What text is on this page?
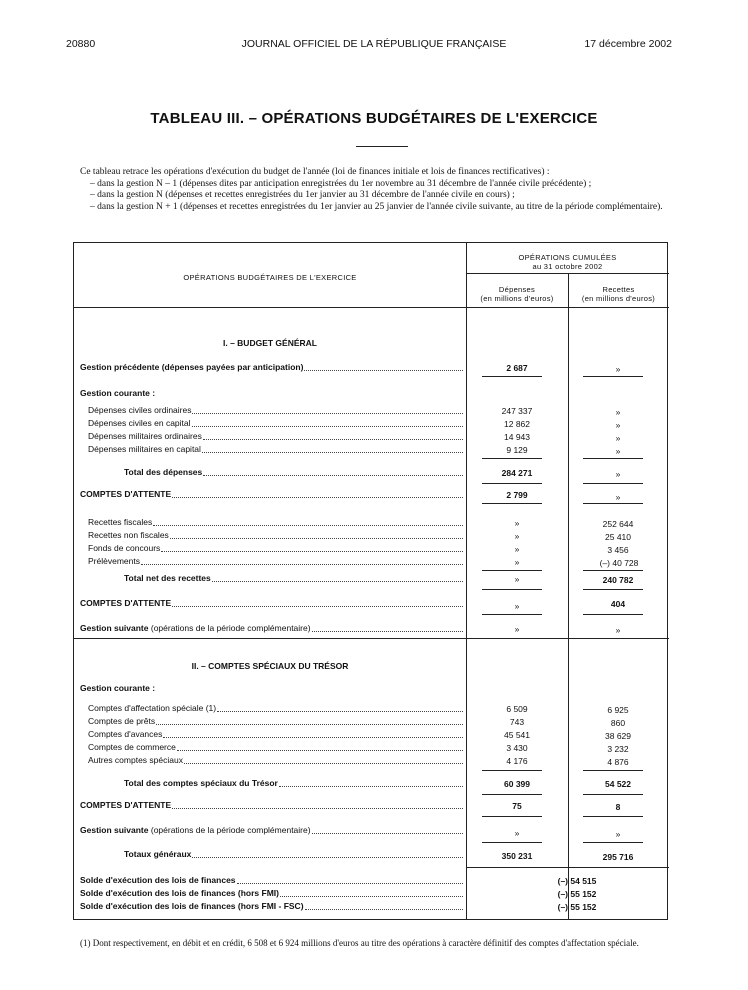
20880	JOURNAL OFFICIEL DE LA RÉPUBLIQUE FRANÇAISE	17 décembre 2002
TABLEAU III. – OPÉRATIONS BUDGÉTAIRES DE L'EXERCICE
Ce tableau retrace les opérations d'exécution du budget de l'année (loi de finances initiale et lois de finances rectificatives) :
– dans la gestion N – 1 (dépenses dites par anticipation enregistrées du 1er novembre au 31 décembre de l'année civile précédente) ;
– dans la gestion N (dépenses et recettes enregistrées du 1er janvier au 31 décembre de l'année civile en cours) ;
– dans la gestion N + 1 (dépenses et recettes enregistrées du 1er janvier au 25 janvier de l'année civile suivante, au titre de la période complémentaire).
OPÉRATIONS BUDGÉTAIRES DE L'EXERCICE
OPÉRATIONS CUMULÉES
au 31 octobre 2002
Dépenses
(en millions d'euros)
Recettes
(en millions d'euros)
I. – BUDGET GÉNÉRAL
Gestion courante :
II. – COMPTES SPÉCIAUX DU TRÉSOR
Gestion courante :
Gestion précédente (dépenses payées par anticipation)	2 687	»
Dépenses civiles ordinaires	247 337	»
Dépenses civiles en capital	12 862	»
Dépenses militaires ordinaires	14 943	»
Dépenses militaires en capital	9 129	»
Total des dépenses	284 271	»
COMPTES D'ATTENTE	2 799	»
Recettes fiscales	»	252 644
Recettes non fiscales	»	25 410
Fonds de concours	»	3 456
Prélèvements	»	(–) 40 728
Total net des recettes	»	240 782
COMPTES D'ATTENTE	»	404
Gestion suivante (opérations de la période complémentaire)	»	»
Comptes d'affectation spéciale (1)	6 509	6 925
Comptes de prêts	743	860
Comptes d'avances	45 541	38 629
Comptes de commerce	3 430	3 232
Autres comptes spéciaux	4 176	4 876
Total des comptes spéciaux du Trésor	60 399	54 522
COMPTES D'ATTENTE	75	8
Gestion suivante (opérations de la période complémentaire)	»	»
Totaux généraux	350 231	295 716
Solde d'exécution des lois de finances	(–) 54 515
Solde d'exécution des lois de finances (hors FMI)	(–) 55 152
Solde d'exécution des lois de finances (hors FMI - FSC)	(–) 55 152
(1) Dont respectivement, en débit et en crédit, 6 508 et 6 924 millions d'euros au titre des opérations à caractère définitif des comptes d'affectation spéciale.
